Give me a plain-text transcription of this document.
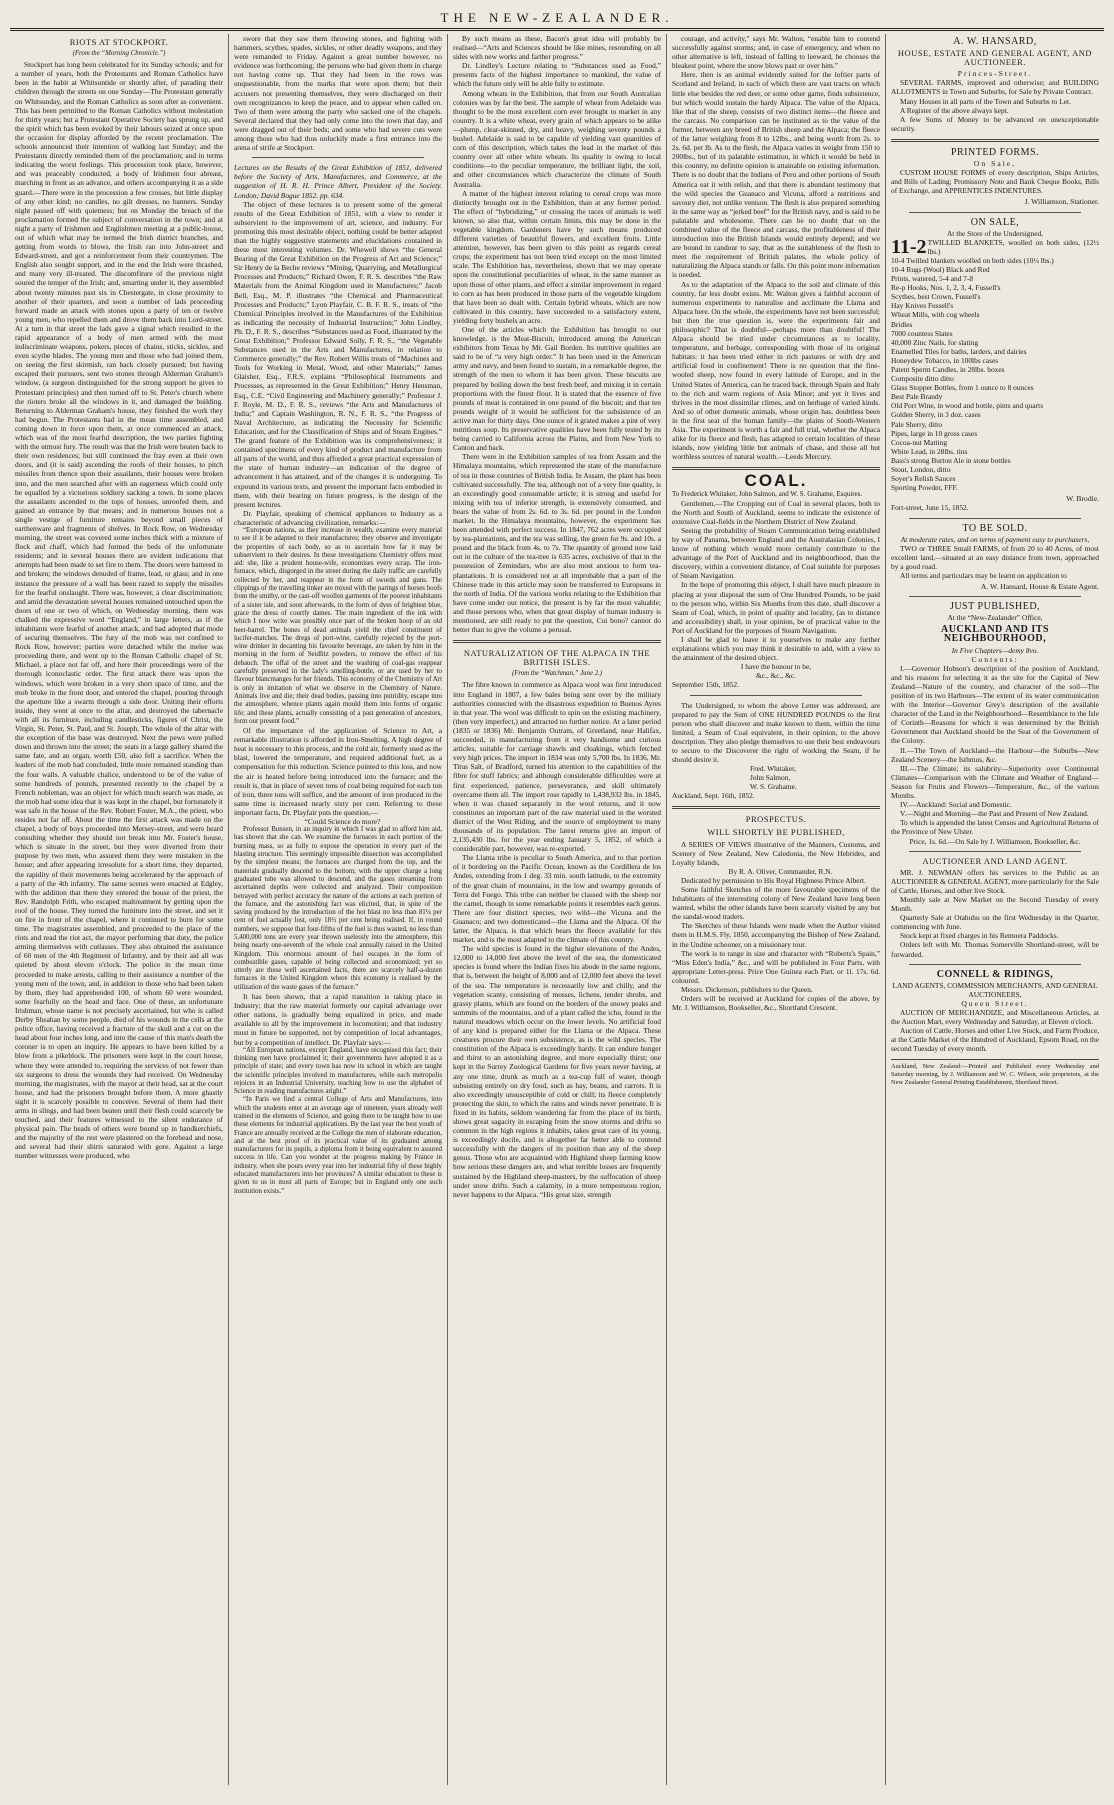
THE NEW-ZEALANDER.
RIOTS AT STOCKPORT.
(From the “Morning Chronicle.”)

Stockport has long been celebrated for its Sunday schools; and for a number of years, both the Protestants and Roman Catholics have been in the habit at Whitsuntide or shortly after, of parading their children through the streets on one Sunday—The Protestant generally on Whitsunday, and the Roman Catholics as soon after as convenient. This has been permitted to the Roman Catholics without molestation for thirty years; but a Protestant Operative Society has sprung up, and the spirit which has been evoked by their labours seized at once upon the occasion for display afforded by the recent proclamation. The schools announced their intention of walking last Sunday; and the Protestants directly reminded them of the proclamation; and in terms indicating the worst feelings. This procession took place, however, and was peaceably conducted, a body of Irishmen four abreast, marching in front as an advance, and others accompanying it as a side guard.—There were in the procession a few crosses, but little display of any other kind; no candles, no gilt dresses, no banners. Sunday night passed off with quietness; but on Monday the breach of the proclamation formed the subject of conversation in the town; and at night a party of Irishmen and Englishmen meeting at a public-house, out of which what may be termed the Irish district branches, and getting from words to blows, the Irish ran into John-street and Edward-street, and got a reinforcement from their countrymen. The English also sought support, and in the end the Irish were thrashed, and many very ill-treated. The discomfiture of the previous night soured the temper of the Irish; and, smarting under it, they assembled about twenty minutes past six in Chestergate, in close proximity to another of their quarters, and soon a number of lads proceeding forward made an attack with stones upon a party of ten or twelve young men, who repelled them and drove them back into Lord-street. At a turn in that street the lads gave a signal which resulted in the rapid appearance of a body of men armed with the most indiscriminate weapons, pokers, pieces of chains, sticks, sickles, and even scythe blades. The young men and those who had joined them, on seeing the first skirmish, ran back closely pursued; but having escaped their pursuers, sent two stones through Alderman Graham's window, (a surgeon distinguished for the strong support he gives to Protestant principles) and then turned off to St. Peter's church where the rioters broke all the windows in it, and damaged the building. Returning to Alderman Graham's house, they finished the work they had begun. The Protestants had in the mean time assembled, and coming down in force upon them, at once commenced an attack, which was of the most fearful description, the two parties fighting with the utmost fury. The result was that the Irish were beaten back to their own residences; but still continued the fray even at their own doors, and (it is said) ascending the roofs of their houses, to pitch missiles from thence upon their assailants, their houses were broken into, and the men searched after with an eagerness which could only be equalled by a victorious soldiery sacking a town. In some places the assailants ascended to the tops of houses, unroofed them, and gained an entrance by that means; and in numerous houses not a single vestige of furniture remains beyond small pieces of earthenware and fragments of shelves. In Rock Row, on Wednesday morning, the street was covered some inches thick with a mixture of flock and chaff, which had formed the beds of the unfortunate residents; and in several houses there are evident indications that attempts had been made to set fire to them. The doors were battered in and broken; the windows denuded of frame, lead, or glass; and in one instance the pressure of a wall has been razed to supply the missiles for the fearful onslaught. There was, however, a clear discrimination; and amid the devastation several houses remained untouched upon the doors of one or two of which, on Wednesday morning, there was chalked the expressive word “England,” in large letters, as if the inhabitants were fearful of another attack, and had adopted that mode of securing themselves. The fury of the mob was not confined to Rock Row, however; parties were detached while the melee was proceeding there, and went up to the Roman Catholic chapel of St. Michael, a place not far off, and here their proceedings were of the thorough iconoclastic order. The first attack there was upon the windows, which were broken in a very short space of time, and the mob broke in the front door, and entered the chapel, pouring through the aperture like a swarm through a side door. Uniting their efforts inside, they went at once to the altar, and destroyed the tabernacle with all its furniture, including candlesticks, figures of Christ, the Virgin, St. Peter, St. Paul, and St. Joseph. The whole of the altar with the exception of the base was destroyed. Next the pews were pulled down and thrown into the street; the seats in a large gallery shared the same fate, and an organ, worth £50, also fell a sacrifice. When the leaders of the mob had concluded, little more remained standing than the four walls. A valuable chalice, understood to be of the value of some hundreds of pounds, presented recently to the chapel by a French nobleman, was an object for which much search was made, as the mob had some idea that it was kept in the chapel, but fortunately it was safe in the house of the Rev. Robert Foster, M.A., the priest, who resides not far off. About the time the first attack was made on the chapel, a body of boys proceeded into Mersey-street, and were heard consulting whether they should not break into Mr. Foster's house, which is situate in the street, but they were diverted from their purpose by two men, who assured them they were mistaken in the house; and after appearing irresolute for a short time, they departed, the rapidity of their movements being accelerated by the approach of a party of the 4th infantry. The same scenes were enacted at Edgley, with the addition that there they entered the house of the priest, the Rev. Randolph Frith, who escaped maltreatment by getting upon the roof of the house. They turned the furniture into the street, and set it on fire in front of the chapel, where it continued to burn for some time. The magistrates assembled, and proceeded to the place of the riots and read the riot act, the mayor performing that duty, the police arming themselves with cutlasses. They also obtained the assistance of 60 men of the 4th Regiment of Infantry, and by their aid all was quieted by about eleven o'clock. The police in the mean time proceeded to make arrests, calling to their assistance a number of the young men of the town, and, in addition to those who had been taken by them, they had apprehended 100, of whom 60 were wounded, some fearfully on the head and face. One of these, an unfortunate Irishman, whose name is not precisely ascertained, but who is called Derby Sheahan by some people, died of his wounds in the cells at the police office, having received a fracture of the skull and a cut on the head about four inches long, and into the cause of this man's death the coroner is to open an inquiry. He appears to have been killed by a blow from a pikeblock. The prisoners were kept in the court house, where they were attended to, requiring the services of not fewer than six surgeons to dress the wounds they had received. On Wednesday morning, the magistrates, with the mayor at their head, sat at the court house, and had the prisoners brought before them. A more ghastly sight it is scarcely possible to conceive. Several of them had their arms in slings, and had been beaten until their flesh could scarcely be touched, and their features witnessed to the silent endurance of physical pain. The heads of others were bound up in handkerchiefs, and the majority of the rest were plastered on the forehead and nose, and several had their shirts saturated with gore. Against a large number witnesses were produced, who

swore that they saw them throwing stones, and fighting with hammers, scythes, spades, sickles, or other deadly weapons, and they were remanded to Friday. Against a great number however, no evidence was forthcoming; the persons who had given them in charge not having come up. That they had been in the rows was unquestionable, from the marks that were upon them; but their accusers not presenting themselves, they were discharged on their own recognizances to keep the peace, and to appear when called on. Two of them were among the party who sacked one of the chapels. Several declared that they had only come into the town that day, and were dragged out of their beds; and some who had severe cuts were among those who had thus unluckily made a first entrance into the arena of strife at Stockport.

Lectures on the Results of the Great Exhibition of 1851, delivered before the Society of Arts, Manufactures, and Commerce, at the suggestion of H. R. H. Prince Albert, President of the Society. London; David Bogue 1852. pp. 634.

The object of these lectures is to present some of the general results of the Great Exhibition of 1851, with a view to render it subservient to the improvement of art, science, and industry. For promoting this most desirable object, nothing could be better adapted than the highly suggestive statements and elucidations contained in these most interesting volumes. Dr. Whewell shows “the General Bearing of the Great Exhibition on the Progress of Art and Science;” Sir Henry de la Beche reviews “Mining, Quarrying, and Metallurgical Processes and Products;” Richard Owen, F. R. S. describes “the Raw Materials from the Animal Kingdom used in Manufactures;” Jacob Bell, Esq., M. P. illustrates “the Chemical and Pharmaceutical Processes and Products;” Lyon Playfair, C. B. F. R. S., treats of “the Chemical Principles involved in the Manufactures of the Exhibition as indicating the necessity of Industrial Instruction;” John Lindley, Ph. D., F. R. S., describes “Substances used as Food, illustrated by the Great Exhibition;” Professor Edward Solly, F. R. S., “the Vegetable Substances used in the Arts and Manufactures, in relation to Commerce generally;” the Rev. Robert Willis treats of “Machines and Tools for Working in Metal, Wood, and other Materials;” James Glaisher, Esq., F.R.S. explains “Philosophical Instruments and Processes, as represented in the Great Exhibition;” Henry Hensman, Esq., C.E. “Civil Engineering and Machinery generally;” Professor J. F. Royle, M. D., F. R. S., reviews “the Arts and Manufactures of India;” and Captain Washington, R. N., F. R. S., “the Progress of Naval Architecture, as indicating the Necessity for Scientific Education, and for the Classification of Ships and of Steam Engines.” The grand feature of the Exhibition was its comprehensiveness; it contained specimens of every kind of product and manufacture from all parts of the world, and thus afforded a great practical expression of the state of human industry—an indication of the degree of advancement it has attained, and of the changes it is undergoing. To expound its various texts, and present the important facts embodied in them, with their bearing on future progress, is the design of the present lectures.

Dr. Playfair, speaking of chemical appliances to Industry as a characteristic of advancing civilization, remarks:—

“European nations, as they increase in wealth, examine every material to see if it be adapted to their manufactures; they observe and investigate the properties of each body, so as to ascertain how far it may be subservient to their desires. In these investigations Chemistry offers most aid: she, like a prudent house-wife, economises every scrap. The iron-furnace, which, disgorged in the street during the daily traffic are carefully collected by her, and reappear in the form of swords and guns. The clippings of the travelling tinker are mixed with the parings of horses hoofs from the smithy, or the cast-off woollen garments of the poorest inhabitants of a sister isle, and soon afterwards, in the form of dyes of brightest blue, grace the dress of courtly dames. The main ingredient of the ink with which I now write was possibly once part of the broken hoop of an old beer-barrel. The bones of dead animals yield the chief constituent of lucifer-matches. The dregs of port-wine, carefully rejected by the port-wine drinker in decanting his favourite beverage, are taken by him in the morning in the form of Seidlitz powders, to remove the effect of his debauch. The offal of the street and the washing of coal-gas reappear carefully preserved in the lady's smelling-bottle, or are used by her to flavour blancmanges for her friends. This economy of the Chemistry of Art is only in imitation of what we observe in the Chemistry of Nature. Animals live and die; their dead bodies, passing into putridity, escape into the atmosphere, whence plants again mould them into forms of organic life; and these plants, actually consisting of a past generation of ancestors, form our present food.”

Of the importance of the application of Science to Art, a remarkable illustration is afforded in Iron-Smelting. A high degree of heat is necessary to this process, and the cold air, formerly used as the blast, lowered the temperature, and required additional fuel, as a compensation for this reduction. Science pointed to this loss, and now the air is heated before being introduced into the furnace; and the result is, that in place of seven tons of coal being required for each ton of iron, three tons will suffice, and the amount of iron produced in the same time is increased nearly sixty per cent. Referring to these important facts, Dr. Playfair puts the question,—

“Could Science do more?

Professor Bunsen, in an inquiry in which I was glad to afford him aid, has shown that she can. We examine the furnaces in each portion of the burning mass, so as fully to expose the operation in every part of the blasting structure. This seemingly impossible dissection was accomplished by the simplest means; the furnaces are charged from the top, and the materials gradually descend to the bottom; with the upper charge a long graduated tube was allowed to descend, and the gases streaming from ascertained depths were collected and analyzed. Their composition betrayed with perfect accuracy the nature of the actions at each portion of the furnace, and the astonishing fact was elicited, that, in spite of the saving produced by the introduction of the hot blast no less than 81¼ per cent of fuel actually lost, only 18½ per cent being realised. If, in round numbers, we suppose that four-fifths of the fuel is thus wasted, no less than 5,400,000 tons are every year thrown uselessly into the atmosphere, this being nearly one-seventh of the whole coal annually raised in the United Kingdom. This enormous amount of fuel escapes in the form of combustible gases, capable of being collected and economized; yet so utterly are these well ascertained facts, there are scarcely half-a-dozen furnaces in the United Kingdom where this economy is realised by the utilization of the waste gases of the furnace.”

It has been shown, that a rapid transition is taking place in Industry; that the raw material formerly our capital advantage over other nations, is gradually being equalized in price, and made available to all by the improvement in locomotion; and that industry must in future be supported, not by competition of local advantages, but by a competition of intellect. Dr. Playfair says:—

“All European nations, except England, have recognised this fact; their thinking men have proclaimed it; their governments have adopted it as a principle of state; and every town has now its school in which are taught the scientific principles involved in manufactures, while each metropolis rejoices in an Industrial University, teaching how to use the alphabet of Science in reading manufactures aright.”

“In Paris we find a central College of Arts and Manufactures, into which the students enter at an average age of nineteen, years already well trained in the elements of Science, and going there to be taught how to use these elements for industrial applications. By the last year the best youth of France are annually received at the College the men of elaborate education, and at the best proof of its practical value of its graduated among manufacturers for its pupils, a diploma from it being equivalent to assured success in life. Can you wonder at the progress making by France in industry, when she pours every year into her industrial fifty of these highly educated manufacturers into her provinces? A similar education to these is given to us in most all parts of Europe; but in England only one such institution exists.”

By such means as these, Bacon's great idea will probably be realised—“Arts and Sciences should be like mines, resounding on all sides with new works and farther progress.”

Dr. Lindley's Lecture relating to “Substances used as Food,” presents facts of the highest importance to mankind, the value of which the future only will be able fully to estimate.

Among wheats in the Exhibition, that from our South Australian colonies was by far the best. The sample of wheat from Adelaide was thought to be the most excellent corn ever brought to market in any country. It is a white wheat, every grain of which appears to be alike—plump, clear-skinned, dry, and heavy, weighing seventy pounds a bushel. Adelaide is said to be capable of yielding vast quantities of corn of this description, which takes the lead in the market of this country over all other white wheats. Its quality is owing to local conditions—to the peculiar temperature, the brilliant light, the soil, and other circumstances which characterize the climate of South Australia.

A matter of the highest interest relating to cereal crops was more distinctly brought out in the Exhibition, than at any former period. The effect of “hybridizing,” or crossing the races of animals is well known, so also that, within certain limits, this may be done in the vegetable kingdom. Gardeners have by such means produced different varieties of beautiful flowers, and excellent fruits. Little attention, however, has been given to this point as regards cereal crops; the experiment has not been tried except on the most limited scale. The Exhibition has, nevertheless, shown that we may operate upon the constitutional peculiarities of wheat, in the same manner as upon those of other plants, and effect a similar improvement in regard to corn as has been produced in those parts of the vegetable kingdom that have been so dealt with. Certain hybrid wheats, which are now cultivated in this country, have succeeded to a satisfactory extent, yielding forty bushels an acre.

One of the articles which the Exhibition has brought to our knowledge, is the Meat-Biscuit, introduced among the American exhibitors from Texas by Mr. Gail Borden. Its nutritive qualities are said to be of “a very high order.” It has been used in the American army and navy, and been found to sustain, in a remarkable degree, the strength of the men to whom it has been given. These biscuits are prepared by boiling down the best fresh beef, and mixing it in certain proportions with the finest flour. It is stated that the essence of five pounds of meat is contained in one pound of the biscuit; and that ten pounds weight of it would be sufficient for the subsistence of an active man for thirty days. One ounce of it grated makes a pint of very nutritious soup. Its preservative qualities have been fully tested by its being carried to California across the Plains, and from New York to Canton and back.

There were in the Exhibition samples of tea from Assam and the Himalaya mountains, which represented the state of the manufacture of tea in those countries of British India. In Assam, the plant has been cultivated successfully. The tea, although not of a very fine quality, is an exceedingly good consumable article; it is strong and useful for mixing with tea of inferior strength, is extensively consumed, and bears the value of from 2s. 6d. to 3s. 6d. per pound in the London market. In the Himalaya mountains, however, the experiment has been attended with perfect success. In 1847, 762 acres were occupied by tea-plantations, and the tea was selling, the green for 9s. and 10s. a pound and the black from 4s. to 7s. The quantity of ground now laid out in the culture of the tea-tree is 635 acres, exclusive of that in the possession of Zemindars, who are also most anxious to form tea-plantations. It is considered not at all improbable that a part of the Chinese trade in this article may soon be transferred to Europeans in the north of India. Of the various works relating to the Exhibition that have come under our notice, the present is by far the most valuable; and those persons who, when that great display of human industry is mentioned, are still ready to put the question, Cui bono? cannot do better than to give the volume a perusal.

NATURALIZATION OF THE ALPACA IN THE BRITISH ISLES.
(From the “Watchman,” June 2.)

The fibre known in commerce as Alpaca wool was first introduced into England in 1807, a few bales being sent over by the military authorities connected with the disastrous expedition to Buenos Ayres in that year. The wool was difficult to spin on the existing machinery, (then very imperfect,) and attracted no further notice. At a later period (1835 or 1836) Mr. Benjamin Outram, of Greetland, near Halifax, succeeded, in manufacturing from it very handsome and curious articles, suitable for carriage shawls and cloakings, which fetched very high prices. The import in 1834 was only 5,700 lbs. In 1836, Mr. Titus Salt, of Bradford, turned his attention to the capabilities of the fibre for stuff fabrics; and although considerable difficulties were at first experienced, patience, perseverance, and skill ultimately overcame them all. The import rose rapidly to 1,438,932 lbs. in 1845, when it was chased separately in the wool returns, and it now constitutes an important part of the raw material used in the worsted district of the West Riding, and the source of employment to many thousands of its population. The latest returns give an import of 2,135,430 lbs. for the year ending January 5, 1852, of which a considerable part, however, was re-exported.

The Llama tribe is peculiar to South America, and to that portion of it bordering on the Pacific Ocean, known as the Cordillera de los Andes, extending from 1 deg. 33 min. south latitude, to the extremity of the great chain of mountains, in the low and swampy grounds of Terra del Fuego. This tribe can neither be classed with the sheep nor the camel, though in some remarkable points it resembles each genus. There are four distinct species, two wild—the Vicuna and the Guanaco; and two domesticated—the Llama and the Alpaca. Of the latter, the Alpaca, is that which bears the fleece available for this market, and is the most adapted to the climate of this country.

The wild species is found in the higher elevations of the Andes, 12,000 to 14,000 feet above the level of the sea, the domesticated species is found where the Indian fixes his abode in the same regions, that is, between the height of 8,000 and of 12,000 feet above the level of the sea. The temperature is necessarily low and chilly, and the vegetation scanty, consisting of mosses, lichens, tender shrubs, and grassy plants, which are found on the borders of the snowy peaks and summits of the mountains, and of a plant called the ichu, found in the natural meadows which occur on the lower levels. No artificial food of any kind is prepared either for the Llama or the Alpaca. These creatures procure their own subsistence, as is the wild species. The constitution of the Alpaca is exceedingly hardy. It can endure hunger and thirst to an astonishing degree, and more especially thirst; one kept in the Surrey Zoological Gardens for five years never having, at any one time, drunk as much as a tea-cup full of water, though subsisting entirely on dry food, such as hay, beans, and carrots. It is also exceedingly unsusceptible of cold or chill; its fleece completely protecting the skin, to which the rains and winds never penetrate. It is fixed in its habits, seldom wandering far from the place of its birth, shows great sagacity in escaping from the snow storms and drifts so common in the high regions it inhabits, takes great care of its young, is exceedingly docile, and is altogether far better able to contend successfully with the dangers of its position than any of the sheep genus. Those who are acquainted with Highland sheep farming know how serious these dangers are, and what terrible losses are frequently sustained by the Highland sheep-masters, by the suffocation of sheep under snow drifts. Such a calamity, in a more tempestuous region, never happens to the Alpaca. “His great size, strength

courage, and activity,” says Mr. Walton, “enable him to contend successfully against storms; and, in case of emergency, and when no other alternative is left, instead of falling to leeward, he chooses the bleakest point, where the snow blows past or over him.”

Here, then is an animal evidently suited for the loftier parts of Scotland and Ireland, in each of which there are vast tracts on which little else besides the red deer, or some other game, finds subsistence, but which would sustain the hardy Alpaca. The value of the Alpaca, like that of the sheep, consists of two distinct items—the fleece and the carcass. No comparison can be instituted as to the value of the former, between any breed of British sheep and the Alpaca; the fleece of the latter weighing from 8 to 12lbs., and being worth from 2s. to 2s. 6d. per lb. As to the flesh, the Alpaca varies in weight from 150 to 200lbs., but of its palatable estimation, in which it would be held in this country, no definite opinion is attainable on existing information. There is no doubt that the Indians of Peru and other portions of South America eat it with relish, and that there is abundant testimony that the wild species the Guanaco and Vicuna, afford a nutritious and savoury diet, not unlike venison. The flesh is also prepared something in the same way as “jerked beef” for the British navy, and is said to be palatable and wholesome. There can be no doubt that on the combined value of the fleece and carcass, the profitableness of their introduction into the British Islands would entirely depend; and we are bound in candour to say, that as the suitableness of the flesh to meet the requirement of British palates, the whole policy of naturalizing the Alpaca stands or falls. On this point more information is needed.

As to the adaptation of the Alpaca to the soil and climate of this country, far less doubt exists. Mr. Walton gives a faithful account of numerous experiments to naturalise and acclimate the Llama and Alpaca here. On the whole, the experiments have not been successful; but then the true question is, were the experiments fair and philosophic? That is doubtful—perhaps more than doubtful! The Alpaca should be tried under circumstances as to locality, temperature, and herbage, corresponding with those of its original habitats: it has been tried either in rich pastures or with dry and artificial food in confinement! There is no question that the fine-wooled sheep, now found in every latitude of Europe, and in the United States of America, can be traced back, through Spain and Italy to the rich and warm regions of Asia Minor; and yet it lives and thrives in the most dissimilar climes, and on herbage of varied kinds. And so of other domestic animals, whose origin has, doubtless been in the first seat of the human family—the plains of South-Western Asia. The experiment is worth a fair and full trial, whether the Alpaca alike for its fleece and flesh, has adapted to certain localities of these islands, now yielding little but animals of chase, and those all but worthless sources of natural wealth.—Leeds Mercury.

COAL.

To Frederick Whitaker, John Salmon, and W. S. Grahame, Esquires.

Gentlemen,—The Cropping out of Coal in several places, both to the North and South of Auckland, seems to indicate the existence of extensive Coal-fields in the Northern District of New Zealand.

Seeing the probability of Steam Communication being established by way of Panama, between England and the Australasian Colonies, I know of nothing which would more certainly contribute to the advantage of the Port of Auckland and its neighbourhood, than the discovery, within a convenient distance, of Coal suitable for purposes of Steam Navigation.

In the hope of promoting this object, I shall have much pleasure in placing at your disposal the sum of One Hundred Pounds, to be paid to the person who, within Six Months from this date, shall discover a Seam of Coal, which, in point of quality and locality, (as to distance and accessibility) shall, in your opinion, be of practical value to the Port of Auckland for the purposes of Steam Navigation.

I shall be glad to leave it to yourselves to make any further explanations which you may think it desirable to add, with a view to the attainment of the desired object.

I have the honour to be,
&c., &c., &c.

September 15th, 1852.

The Undersigned, to whom the above Letter was addressed, are prepared to pay the Sum of ONE HUNDRED POUNDS to the first person who shall discover and make known to them, within the time limited, a Seam of Coal equivalent, in their opinion, to the above description. They also pledge themselves to use their best endeavours to secure to the Discoverer the right of working the Seam, if he should desire it.

Fred. Whitaker,
John Salmon,
W. S. Grahame.

Auckland, Sept. 16th, 1852.

PROSPECTUS.
WILL SHORTLY BE PUBLISHED,

A SERIES OF VIEWS illustrative of the Manners, Customs, and Scenery of New Zealand, New Caledonia, the New Hebrides, and Loyalty Islands,

By R. A. Oliver, Commander, R.N.

Dedicated by permission to His Royal Highness Prince Albert.

Some faithful Sketches of the more favourable specimens of the Inhabitants of the interesting colony of New Zealand have long been wanted, whilst the other islands have been scarcely visited by any but the sandal-wood traders.

The Sketches of these Islands were made when the Author visited them in H.M.S. Fly, 1850, accompanying the Bishop of New Zealand, in the Undine schooner, on a missionary tour.

The work is to range in size and character with “Roberts's Spain,” “Miss Eden's India,” &c., and will be published in Four Parts, with appropriate Letter-press. Price One Guinea each Part, or 1l. 17s. 6d. coloured.

Messrs. Dickenson, publishers to the Queen.

Orders will be received at Auckland for copies of the above, by Mr. J. Williamson, Bookseller, &c., Shortland Crescent.

A. W. HANSARD,
HOUSE, ESTATE AND GENERAL AGENT, AND AUCTIONEER.
Princes-Street.

SEVERAL FARMS, improved and otherwise; and BUILDING ALLOTMENTS in Town and Suburbs, for Sale by Private Contract.

Many Houses in all parts of the Town and Suburbs to Let.

A Register of the above always kept.

A few Sums of Money to be advanced on unexceptionable security.

PRINTED FORMS.
On Sale,

CUSTOM HOUSE FORMS of every description, Ships Articles, and Bills of Lading; Promissory Note and Bank Cheque Books, Bills of Exchange, and APPRENTICES INDENTURES.

J. Williamson, Stationer.
ON SALE,
At the Store of the Undersigned,
11-2 TWILLED BLANKETS, woolled on both sides, (12½ lbs.)
10-4 Twilled blankets woolled on both sides (10½ lbs.)
10-4 Rugs (Wool) Black and Red
Prints, watered, 5-4 and 7-8
Re-p Hooks, Nos. 1, 2, 3, 4, Fussell's
Scythes, best Crown, Fussell's
Hay Knives Fussell's
Wheat Mills, with cog wheels
Bridles
7000 countess Slates
40,000 Zinc Nails, for slating
Enamelled Tiles for baths, larders, and dairies
Honeydew Tobacco, in 100lbs cases
Patent Sperm Candles, in 28lbs. boxes
Composite ditto ditto
Glass Stopper Bottles, from 1 ounce to 8 ounces
Best Pale Brandy
Old Port Wine, in wood and bottle, pints and quarts
Golden Sherry, in 3 doz. cases
Pale Sherry, ditto
Pipes, large in 10 gross cases
Cocoa-nut Matting
White Lead, in 28lbs. tins
Bass's strong Burton Ale in stone bottles
Stout, London, ditto
Soyer's Relish Sauces
Sporting Powder, FFF.
W. Brodie.
Fort-street, June 15, 1852.
TO BE SOLD.
At moderate rates, and on terms of payment easy to purchasers,

TWO or THREE Small FARMS, of from 20 to 40 Acres, of most excellent land,—situated at an easy distance from town, approached by a good road.

All terms and particulars may be learnt on application to

A. W. Hansard, House & Estate Agent.
JUST PUBLISHED,
At the “New-Zealander” Office,
AUCKLAND AND ITS NEIGHBOURHOOD,
In Five Chapters—demy 8vo.
Contents:

I.—Governor Hobson's description of the position of Auckland, and his reasons for selecting it as the site for the Capital of New Zealand—Nature of the country, and character of the soil—The position of its two Harbours—The extent of its water communication with the Interior—Governor Grey's description of the available character of the Land in the Neighbourhood—Resemblance to the Isle of Corinth—Reasons for which it was determined by the British Government that Auckland should be the Seat of the Government of the Colony.

II.—The Town of Auckland—the Harbour—the Suburbs—New Zealand Scenery—the Isthmus, &c.

III.—The Climate; its salubrity—Superiority over Continental Climates—Comparison with the Climate and Weather of England—Season for Fruits and Flowers—Temperature, &c., of the various Months.

IV.—Auckland: Social and Domestic.

V.—Night and Morning—the Past and Present of New Zealand.

To which is appended the latest Census and Agricultural Returns of the Province of New Ulster.

Price, 1s. 6d.—On Sale by J. Williamson, Bookseller, &c.
AUCTIONEER AND LAND AGENT.

MR. J. NEWMAN offers his services to the Public as an AUCTIONEER & GENERAL AGENT, more particularly for the Sale of Cattle, Horses, and other live Stock.

Monthly sale at New Market on the Second Tuesday of every Month.

Quarterly Sale at Otahuhu on the first Wednesday in the Quarter, commencing with June.

Stock kept at fixed charges in his Remuera Paddocks.

Orders left with Mr. Thomas Somerville Shortland-street, will be forwarded.

CONNELL & RIDINGS,
LAND AGENTS, COMMISSION MERCHANTS, AND GENERAL AUCTIONEERS,
Queen Street.

AUCTION OF MERCHANDIZE, and Miscellaneous Articles, at the Auction Mart, every Wednesday and Saturday, at Eleven o'clock.

Auction of Cattle, Horses and other Live Stock, and Farm Produce, at the Cattle Market of the Hundred of Auckland, Epsom Road, on the second Tuesday of every month.

Auckland, New Zealand:—Printed and Published every Wednesday and Saturday morning, by J. Williamson and W. C. Wilson, sole proprietors, at the New Zealander General Printing Establishment, Shortland Street.
